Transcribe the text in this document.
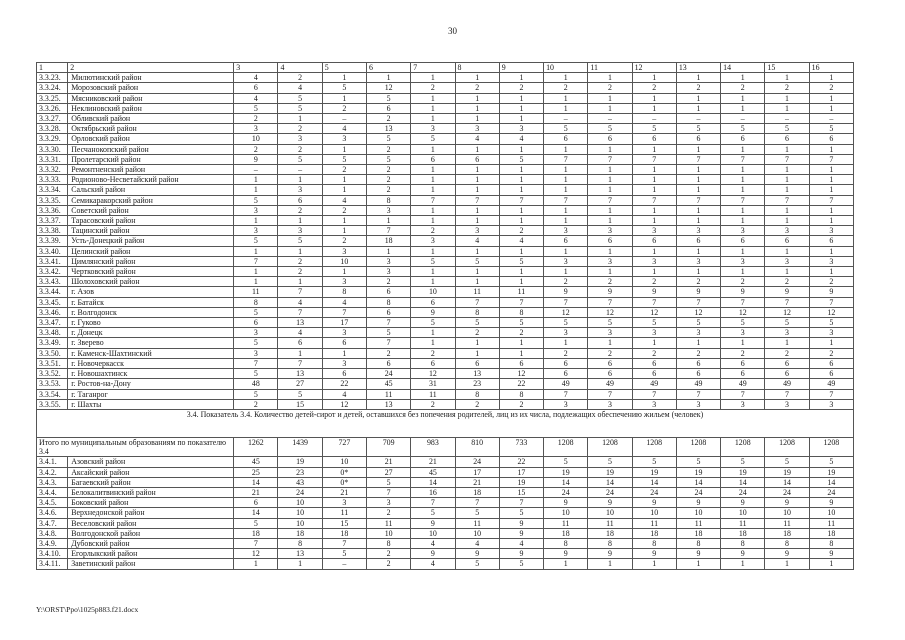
30
1	2	3	4	5	6	7	8	9	10	11	12	13	14	15	16
3.3.23.	Милютинский район	4	2	1	1	1	1	1	1	1	1	1	1	1	1
3.3.24.	Морозовский район	6	4	5	12	2	2	2	2	2	2	2	2	2	2
3.3.25.	Мясниковский район	4	5	1	5	1	1	1	1	1	1	1	1	1	1
3.3.26.	Неклиновский район	5	5	2	6	1	1	1	1	1	1	1	1	1	1
3.3.27.	Обливский район	2	1	–	2	1	1	1	–	–	–	–	–	–	–
3.3.28.	Октябрьский район	3	2	4	13	3	3	3	5	5	5	5	5	5	5
3.3.29.	Орловский район	10	3	3	5	5	4	4	6	6	6	6	6	6	6
3.3.30.	Песчанокопский район	2	2	1	2	1	1	1	1	1	1	1	1	1	1
3.3.31.	Пролетарский район	9	5	5	5	6	6	5	7	7	7	7	7	7	7
3.3.32.	Ремонтненский район	–	–	2	2	1	1	1	1	1	1	1	1	1	1
3.3.33.	Родионово-Несветайский район	1	1	1	2	1	1	1	1	1	1	1	1	1	1
3.3.34.	Сальский район	1	3	1	2	1	1	1	1	1	1	1	1	1	1
3.3.35.	Семикаракорский район	5	6	4	8	7	7	7	7	7	7	7	7	7	7
3.3.36.	Советский район	3	2	2	3	1	1	1	1	1	1	1	1	1	1
3.3.37.	Тарасовский район	1	1	1	1	1	1	1	1	1	1	1	1	1	1
3.3.38.	Тацинский район	3	3	1	7	2	3	2	3	3	3	3	3	3	3
3.3.39.	Усть-Донецкий район	5	5	2	18	3	4	4	6	6	6	6	6	6	6
3.3.40.	Целинский район	1	1	3	1	1	1	1	1	1	1	1	1	1	1
3.3.41.	Цимлянский район	7	2	10	3	5	5	5	3	3	3	3	3	3	3
3.3.42.	Чертковский район	1	2	1	3	1	1	1	1	1	1	1	1	1	1
3.3.43.	Шолоховский район	1	1	3	2	1	1	1	2	2	2	2	2	2	2
3.3.44.	г. Азов	11	7	8	6	10	11	11	9	9	9	9	9	9	9
3.3.45.	г. Батайск	8	4	4	8	6	7	7	7	7	7	7	7	7	7
3.3.46.	г. Волгодонск	5	7	7	6	9	8	8	12	12	12	12	12	12	12
3.3.47.	г. Гуково	6	13	17	7	5	5	5	5	5	5	5	5	5	5
3.3.48.	г. Донецк	3	4	3	5	1	2	2	3	3	3	3	3	3	3
3.3.49.	г. Зверево	5	6	6	7	1	1	1	1	1	1	1	1	1	1
3.3.50.	г. Каменск-Шахтинский	3	1	1	2	2	1	1	2	2	2	2	2	2	2
3.3.51.	г. Новочеркасск	7	7	3	6	6	6	6	6	6	6	6	6	6	6
3.3.52.	г. Новошахтинск	5	13	6	24	12	13	12	6	6	6	6	6	6	6
3.3.53.	г. Ростов-на-Дону	48	27	22	45	31	23	22	49	49	49	49	49	49	49
3.3.54.	г. Таганрог	5	5	4	11	11	8	8	7	7	7	7	7	7	7
3.3.55.	г. Шахты	2	15	12	13	2	2	2	3	3	3	3	3	3	3
3.4. Показатель 3.4. Количество детей-сирот и детей, оставшихся без попечения родителей, лиц из их числа, подлежащих обеспечению жильем (человек)															
Итого по муниципальным образованиям по показателю 3.4		1262	1439	727	709	983	810	733	1208	1208	1208	1208	1208	1208	1208
3.4.1.	Азовский район	45	19	10	21	21	24	22	5	5	5	5	5	5	5
3.4.2.	Аксайский район	25	23	0*	27	45	17	17	19	19	19	19	19	19	19
3.4.3.	Багаевский район	14	43	0*	5	14	21	19	14	14	14	14	14	14	14
3.4.4.	Белокалитвинский район	21	24	21	7	16	18	15	24	24	24	24	24	24	24
3.4.5.	Боковский район	6	10	3	3	7	7	7	9	9	9	9	9	9	9
3.4.6.	Верхнедонской район	14	10	11	2	5	5	5	10	10	10	10	10	10	10
3.4.7.	Веселовский район	5	10	15	11	9	11	9	11	11	11	11	11	11	11
3.4.8.	Волгодонской район	18	18	18	10	10	10	9	18	18	18	18	18	18	18
3.4.9.	Дубовский район	7	8	7	8	4	4	4	8	8	8	8	8	8	8
3.4.10.	Егорлыкский район	12	13	5	2	9	9	9	9	9	9	9	9	9	9
3.4.11.	Заветинский район	1	1	–	2	4	5	5	1	1	1	1	1	1	1
Y:\ORST\Ppo\1025p883.f21.docx
